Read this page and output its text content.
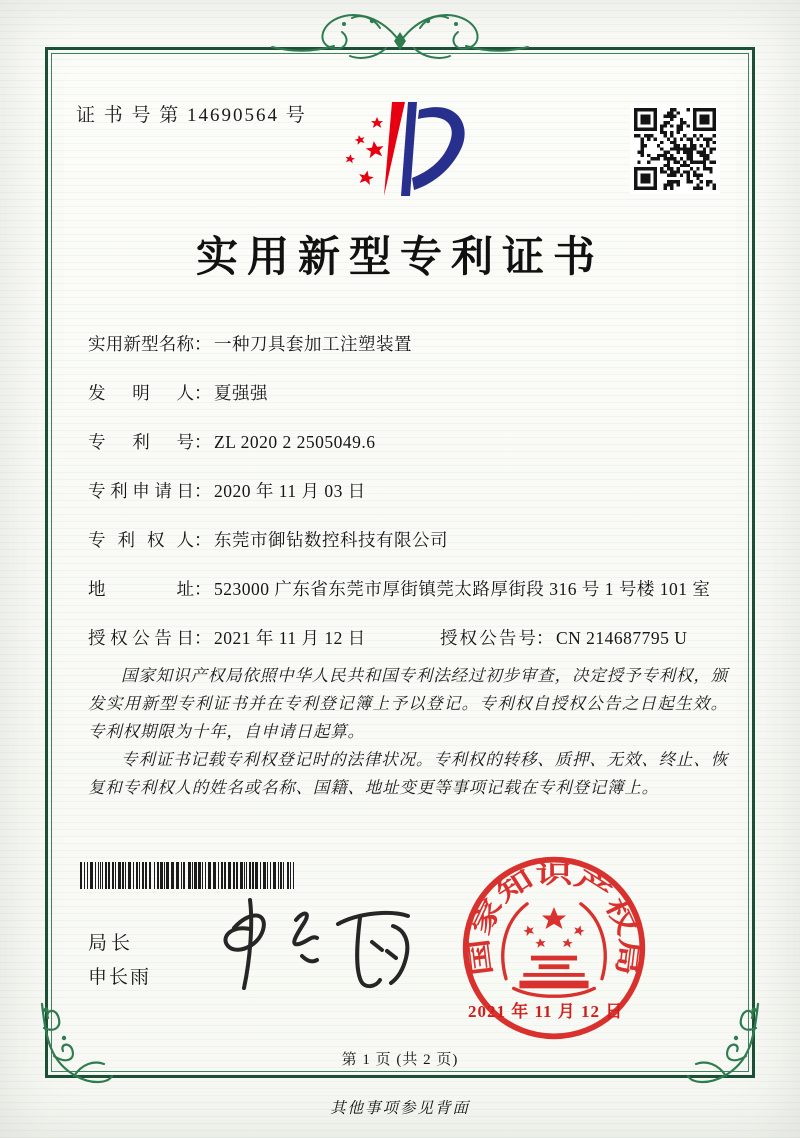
证 书 号 第 14690564 号
实用新型专利证书
实用新型名称 ： 一种刀具套加工注塑装置
发明人 ： 夏强强
专利号 ： ZL 2020 2 2505049.6
专利申请日 ： 2020 年 11 月 03 日
专利权人 ： 东莞市御钻数控科技有限公司
地址 ： 523000 广东省东莞市厚街镇莞太路厚街段 316 号 1 号楼 101 室
授权公告日 ： 2021 年 11 月 12 日	授权公告号 ： CN 214687795 U

国家知识产权局依照中华人民共和国专利法经过初步审查，决定授予专利权，颁发实用新型专利证书并在专利登记簿上予以登记。专利权自授权公告之日起生效。专利权期限为十年，自申请日起算。

专利证书记载专利权登记时的法律状况。专利权的转移、质押、无效、终止、恢复和专利权人的姓名或名称、国籍、地址变更等事项记载在专利登记簿上。

局长
申长雨
国家知识产权局
2021 年 11 月 12 日
第 1 页 (共 2 页)
其他事项参见背面
